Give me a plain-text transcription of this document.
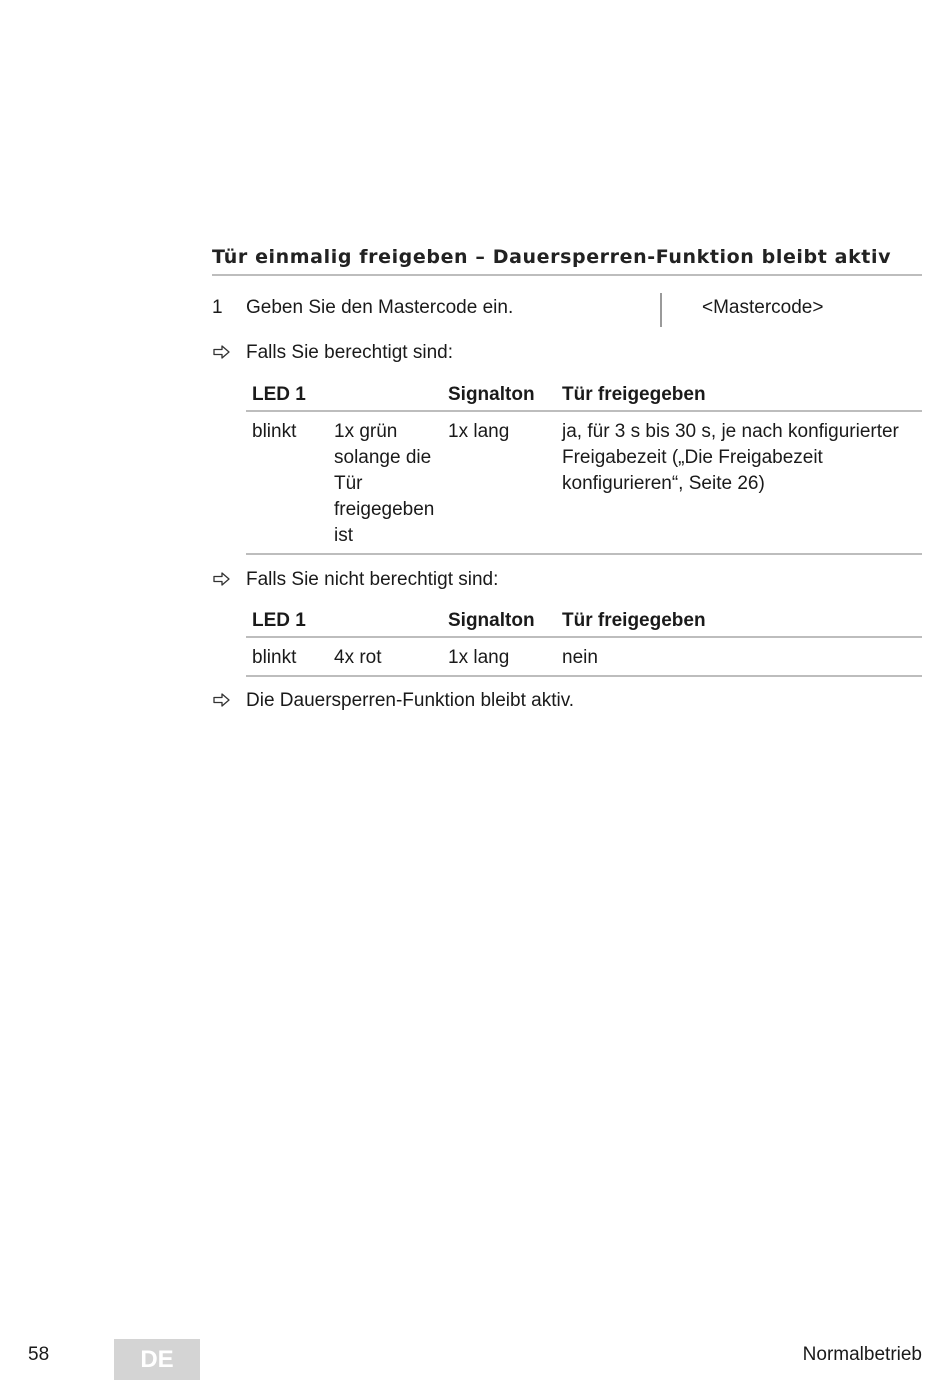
Tür einmalig freigeben – Dauersperren-Funktion bleibt aktiv
1 Geben Sie den Mastercode ein.	<Mastercode>
Falls Sie berechtigt sind:
LED 1		Signalton	Tür freigegeben
blinkt	1x grün solange die Tür freigegeben ist	1x lang	ja, für 3 s bis 30 s, je nach konfigurierter Freigabezeit („Die Freigabezeit konfigurieren“, Seite 26)
Falls Sie nicht berechtigt sind:
LED 1		Signalton	Tür freigegeben
blinkt	4x rot	1x lang	nein
Die Dauersperren-Funktion bleibt aktiv.
58	DE	Normalbetrieb
